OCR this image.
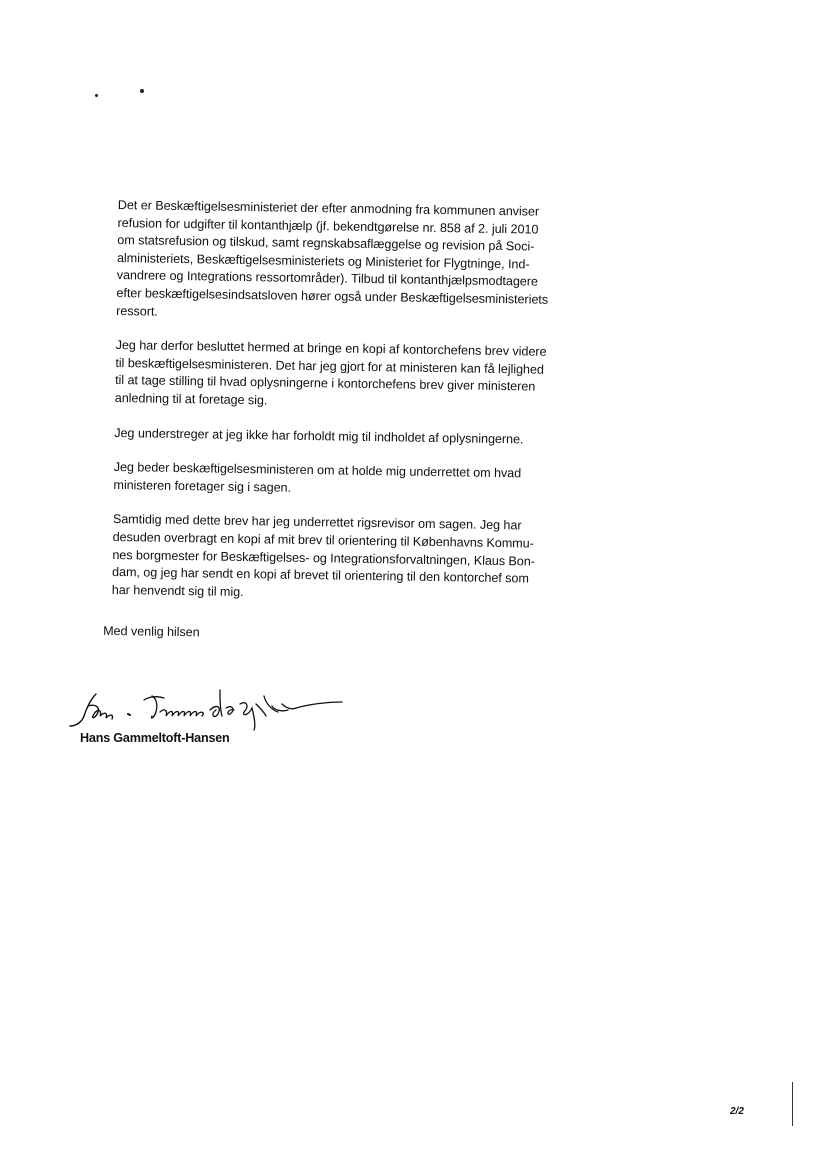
Det er Beskæftigelsesministeriet der efter anmodning fra kommunen anviser
refusion for udgifter til kontanthjælp (jf. bekendtgørelse nr. 858 af 2. juli 2010
om statsrefusion og tilskud, samt regnskabsaflæggelse og revision på Soci-
alministeriets, Beskæftigelsesministeriets og Ministeriet for Flygtninge, Ind-
vandrere og Integrations ressortområder). Tilbud til kontanthjælpsmodtagere
efter beskæftigelsesindsatsloven hører også under Beskæftigelsesministeriets
ressort.

Jeg har derfor besluttet hermed at bringe en kopi af kontorchefens brev videre
til beskæftigelsesministeren. Det har jeg gjort for at ministeren kan få lejlighed
til at tage stilling til hvad oplysningerne i kontorchefens brev giver ministeren
anledning til at foretage sig.

Jeg understreger at jeg ikke har forholdt mig til indholdet af oplysningerne.

Jeg beder beskæftigelsesministeren om at holde mig underrettet om hvad
ministeren foretager sig i sagen.

Samtidig med dette brev har jeg underrettet rigsrevisor om sagen. Jeg har
desuden overbragt en kopi af mit brev til orientering til Københavns Kommu-
nes borgmester for Beskæftigelses- og Integrationsforvaltningen, Klaus Bon-
dam, og jeg har sendt en kopi af brevet til orientering til den kontorchef som
har henvendt sig til mig.

Med venlig hilsen

Hans Gammeltoft-Hansen
2/2
